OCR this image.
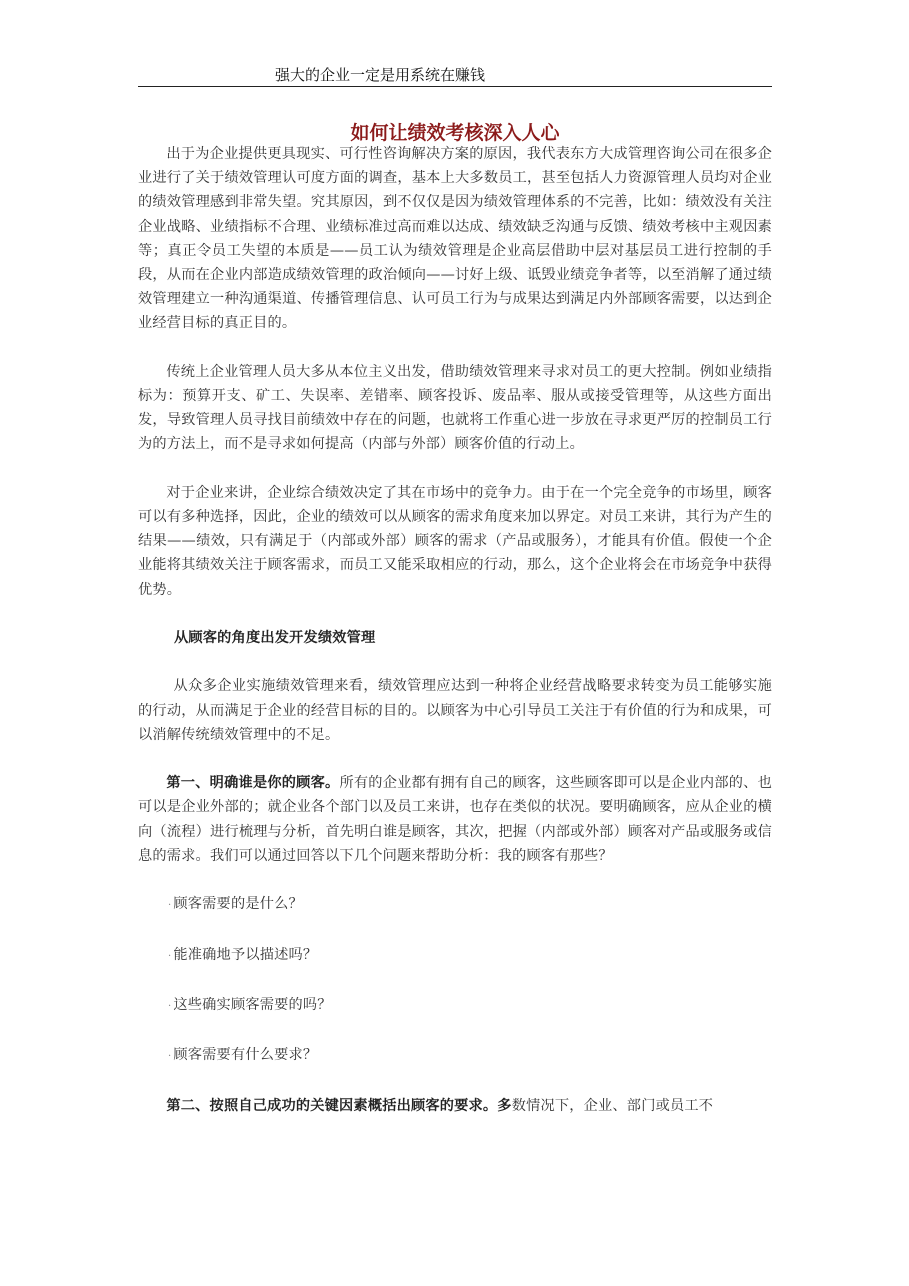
强大的企业一定是用系统在赚钱
如何让绩效考核深入人心

出于为企业提供更具现实、可行性咨询解决方案的原因，我代表东方大成管理咨询公司在很多企业进行了关于绩效管理认可度方面的调查，基本上大多数员工，甚至包括人力资源管理人员均对企业的绩效管理感到非常失望。究其原因，到不仅仅是因为绩效管理体系的不完善，比如：绩效没有关注企业战略、业绩指标不合理、业绩标准过高而难以达成、绩效缺乏沟通与反馈、绩效考核中主观因素等；真正令员工失望的本质是——员工认为绩效管理是企业高层借助中层对基层员工进行控制的手段，从而在企业内部造成绩效管理的政治倾向——讨好上级、诋毁业绩竞争者等，以至消解了通过绩效管理建立一种沟通渠道、传播管理信息、认可员工行为与成果达到满足内外部顾客需要，以达到企业经营目标的真正目的。

传统上企业管理人员大多从本位主义出发，借助绩效管理来寻求对员工的更大控制。例如业绩指标为：预算开支、矿工、失误率、差错率、顾客投诉、废品率、服从或接受管理等，从这些方面出发，导致管理人员寻找目前绩效中存在的问题，也就将工作重心进一步放在寻求更严厉的控制员工行为的方法上，而不是寻求如何提高（内部与外部）顾客价值的行动上。

对于企业来讲，企业综合绩效决定了其在市场中的竞争力。由于在一个完全竞争的市场里，顾客可以有多种选择，因此，企业的绩效可以从顾客的需求角度来加以界定。对员工来讲，其行为产生的结果——绩效，只有满足于（内部或外部）顾客的需求（产品或服务），才能具有价值。假使一个企业能将其绩效关注于顾客需求，而员工又能采取相应的行动，那么，这个企业将会在市场竞争中获得优势。

从顾客的角度出发开发绩效管理

从众多企业实施绩效管理来看，绩效管理应达到一种将企业经营战略要求转变为员工能够实施的行动，从而满足于企业的经营目标的目的。以顾客为中心引导员工关注于有价值的行为和成果，可以消解传统绩效管理中的不足。

第一、明确谁是你的顾客。所有的企业都有拥有自己的顾客，这些顾客即可以是企业内部的、也可以是企业外部的；就企业各个部门以及员工来讲，也存在类似的状况。要明确顾客，应从企业的横向（流程）进行梳理与分析，首先明白谁是顾客，其次，把握（内部或外部）顾客对产品或服务或信息的需求。我们可以通过回答以下几个问题来帮助分析：我的顾客有那些？

· 顾客需要的是什么？

· 能准确地予以描述吗？

· 这些确实顾客需要的吗？

· 顾客需要有什么要求？

第二、按照自己成功的关键因素概括出顾客的要求。多数情况下，企业、部门或员工不
